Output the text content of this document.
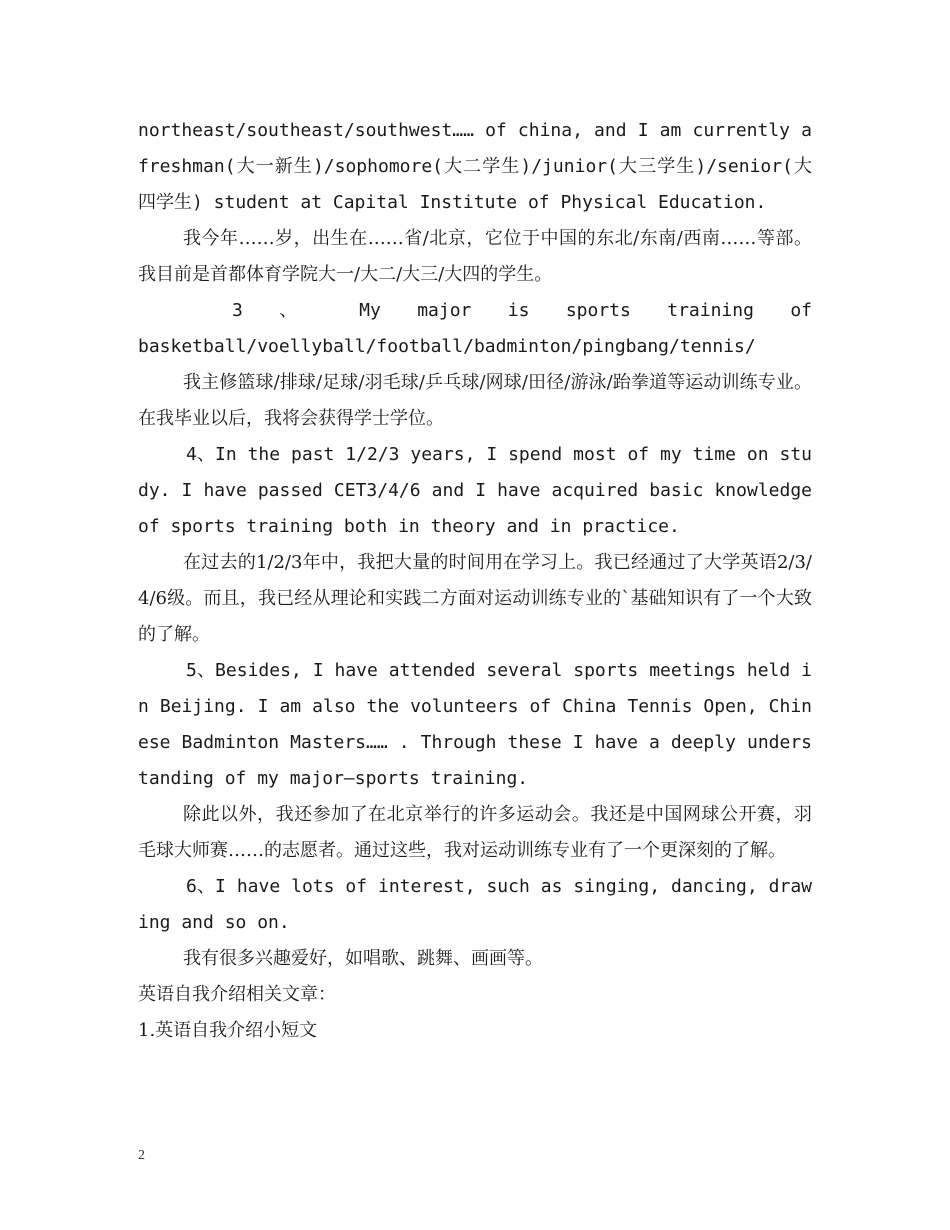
northeast/southeast/southwest…… of china, and I am currently a freshman(大一新生)/sophomore(大二学生)/junior(大三学生)/senior(大四学生) student at Capital Institute of Physical Education.

我今年……岁，出生在……省/北京，它位于中国的东北/东南/西南……等部。我目前是首都体育学院大一/大二/大三/大四的学生。

3 、 My major is sports training of

basketball/voellyball/football/badminton/pingbang/tennis/

我主修篮球/排球/足球/羽毛球/乒乓球/网球/田径/游泳/跆拳道等运动训练专业。在我毕业以后，我将会获得学士学位。

4、In the past 1/2/3 years, I spend most of my time on study. I have passed CET3/4/6 and I have acquired basic knowledge of sports training both in theory and in practice.

在过去的1/2/3年中，我把大量的时间用在学习上。我已经通过了大学英语2/3/4/6级。而且，我已经从理论和实践二方面对运动训练专业的`基础知识有了一个大致的了解。

5、Besides, I have attended several sports meetings held in Beijing. I am also the volunteers of China Tennis Open, Chinese Badminton Masters…… . Through these I have a deeply understanding of my major—sports training.

除此以外，我还参加了在北京举行的许多运动会。我还是中国网球公开赛，羽毛球大师赛……的志愿者。通过这些，我对运动训练专业有了一个更深刻的了解。

6、I have lots of interest, such as singing, dancing, drawing and so on.

我有很多兴趣爱好，如唱歌、跳舞、画画等。

英语自我介绍相关文章：

1.英语自我介绍小短文

2
